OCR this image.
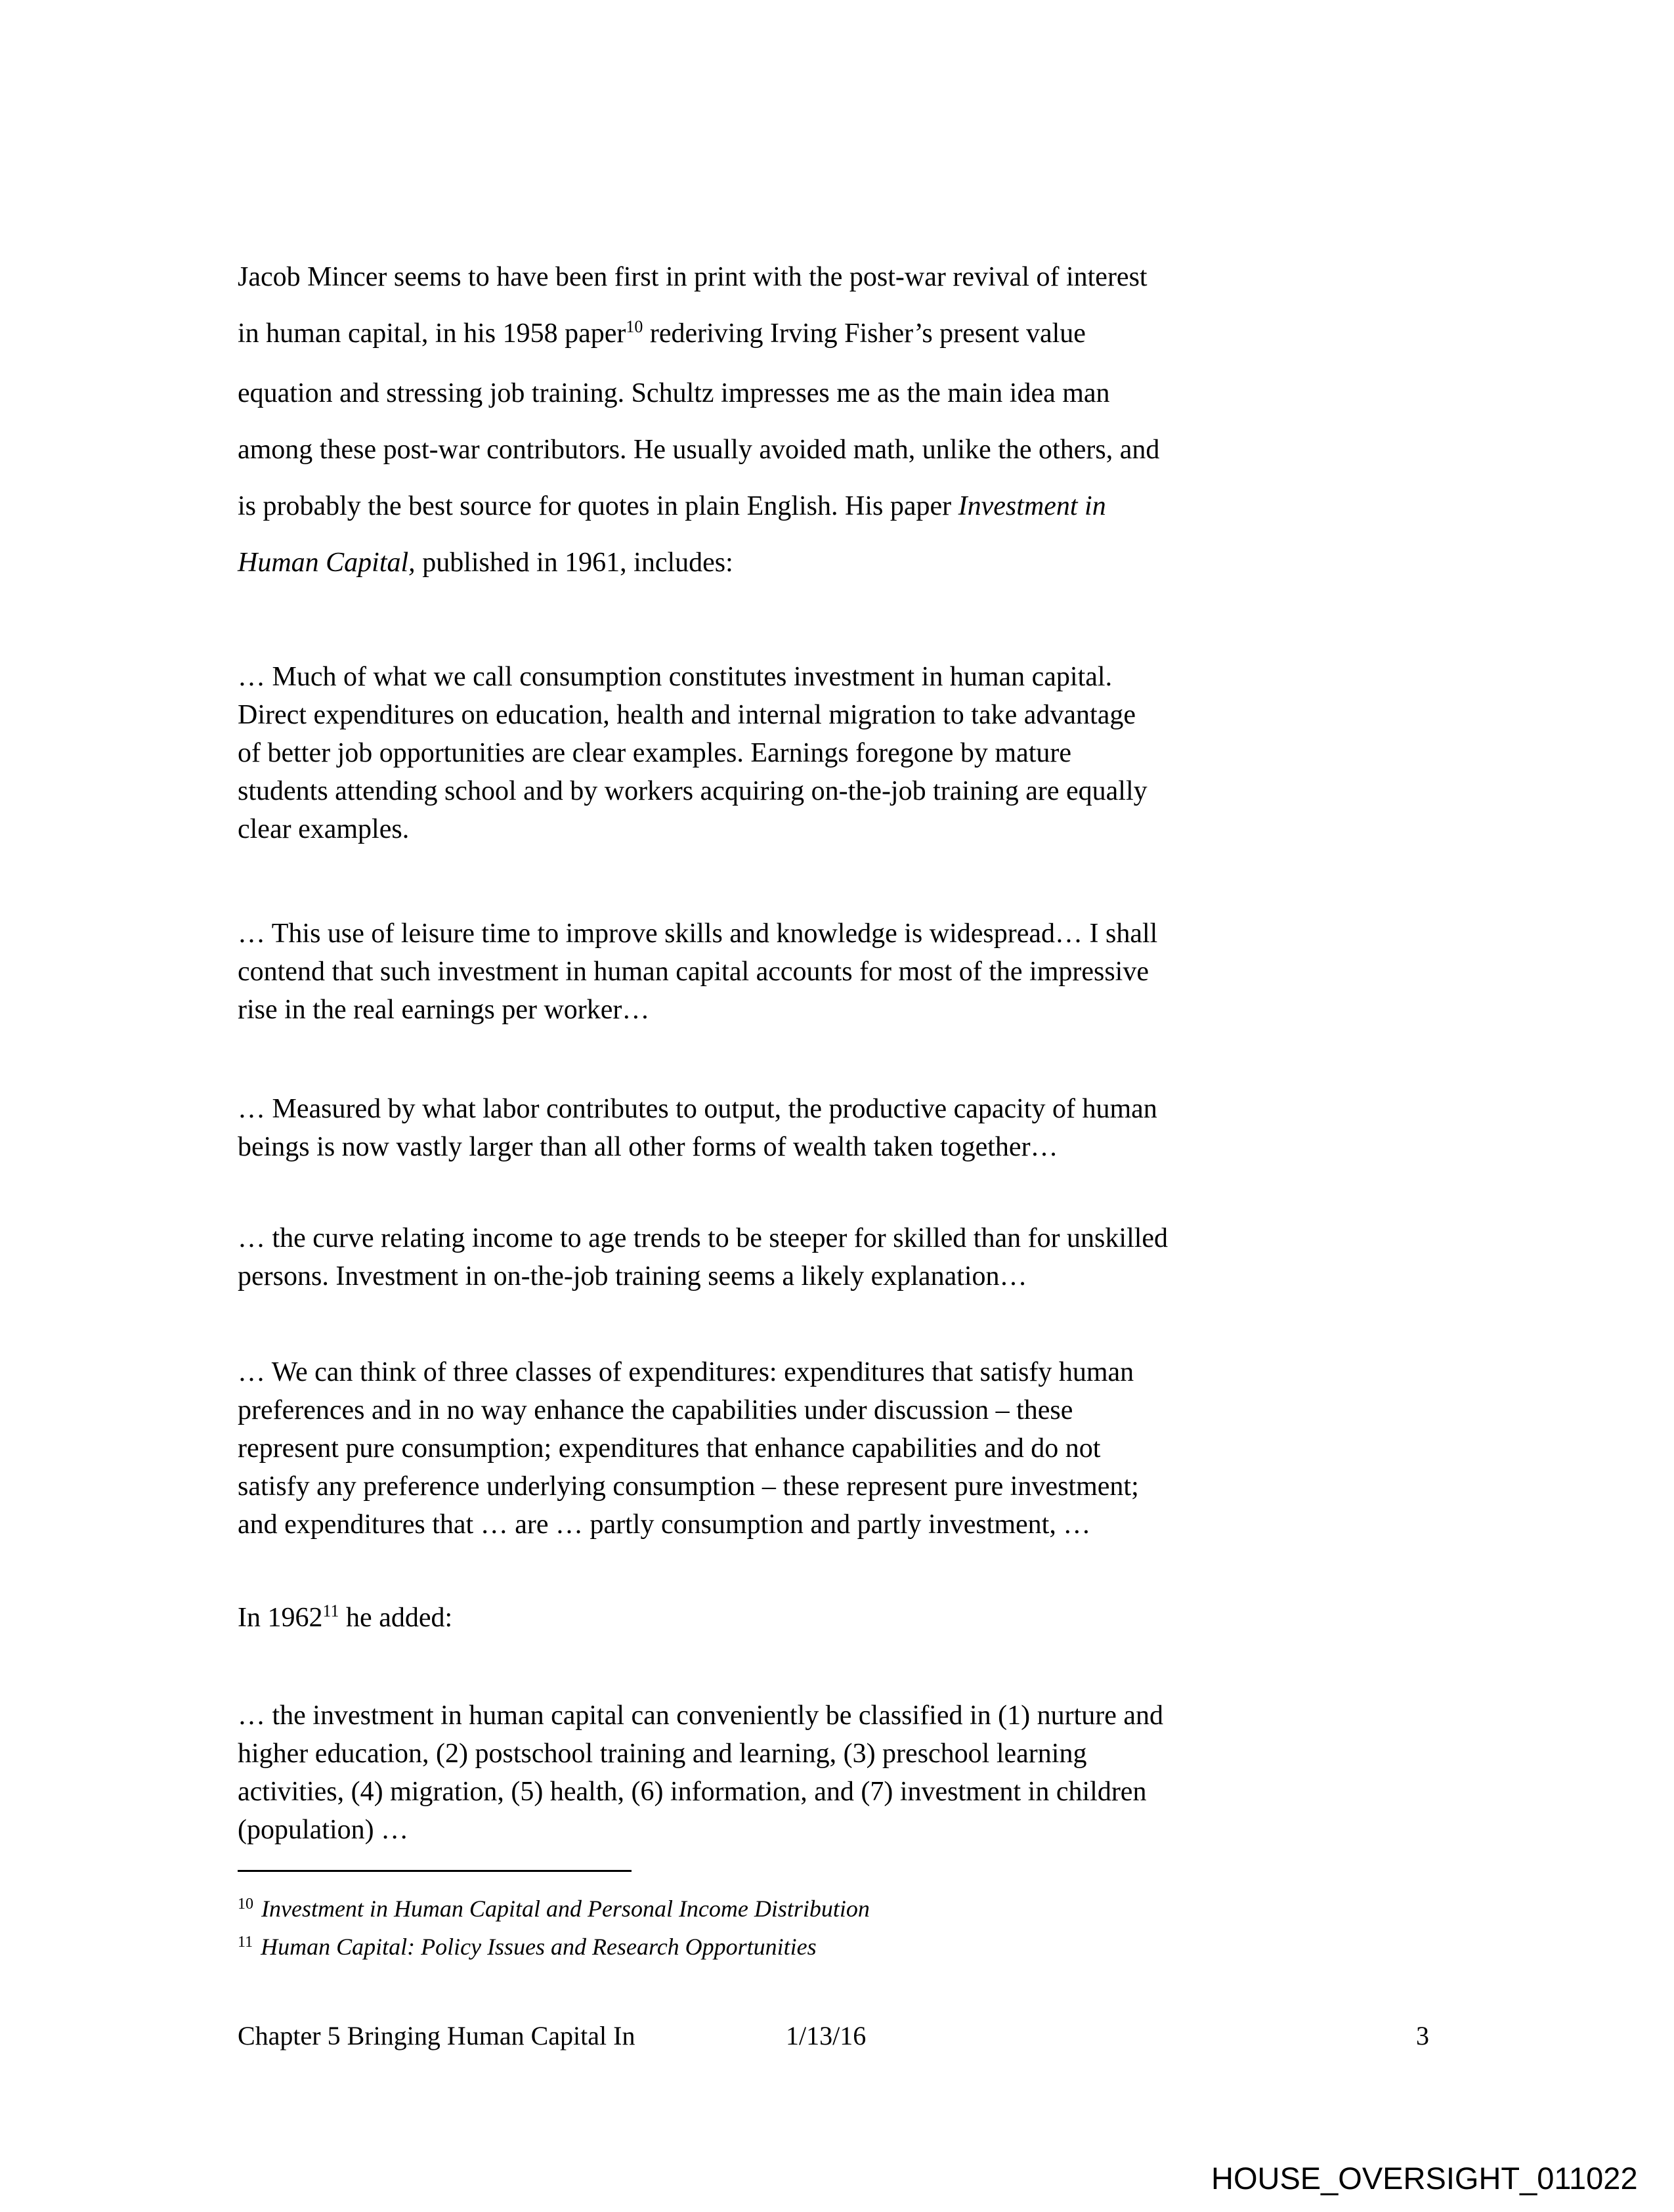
Jacob Mincer seems to have been first in print with the post-war revival of interest
in human capital, in his 1958 paper$^{10}$ rederiving Irving Fisher’s present value
equation and stressing job training. Schultz impresses me as the main idea man
among these post-war contributors. He usually avoided math, unlike the others, and
is probably the best source for quotes in plain English. His paper Investment in
Human Capital, published in 1961, includes:
… Much of what we call consumption constitutes investment in human capital.
Direct expenditures on education, health and internal migration to take advantage
of better job opportunities are clear examples. Earnings foregone by mature
students attending school and by workers acquiring on-the-job training are equally
clear examples.
… This use of leisure time to improve skills and knowledge is widespread… I shall
contend that such investment in human capital accounts for most of the impressive
rise in the real earnings per worker…
… Measured by what labor contributes to output, the productive capacity of human
beings is now vastly larger than all other forms of wealth taken together…
… the curve relating income to age trends to be steeper for skilled than for unskilled
persons. Investment in on-the-job training seems a likely explanation…
… We can think of three classes of expenditures: expenditures that satisfy human
preferences and in no way enhance the capabilities under discussion – these
represent pure consumption; expenditures that enhance capabilities and do not
satisfy any preference underlying consumption – these represent pure investment;
and expenditures that … are … partly consumption and partly investment, …
In 1962$^{11}$ he added:
… the investment in human capital can conveniently be classified in (1) nurture and
higher education, (2) postschool training and learning, (3) preschool learning
activities, (4) migration, (5) health, (6) information, and (7) investment in children
(population) …
$^{10}$ Investment in Human Capital and Personal Income Distribution
$^{11}$ Human Capital: Policy Issues and Research Opportunities
Chapter 5 Bringing Human Capital In	1/13/16	3
HOUSE_OVERSIGHT_011022
